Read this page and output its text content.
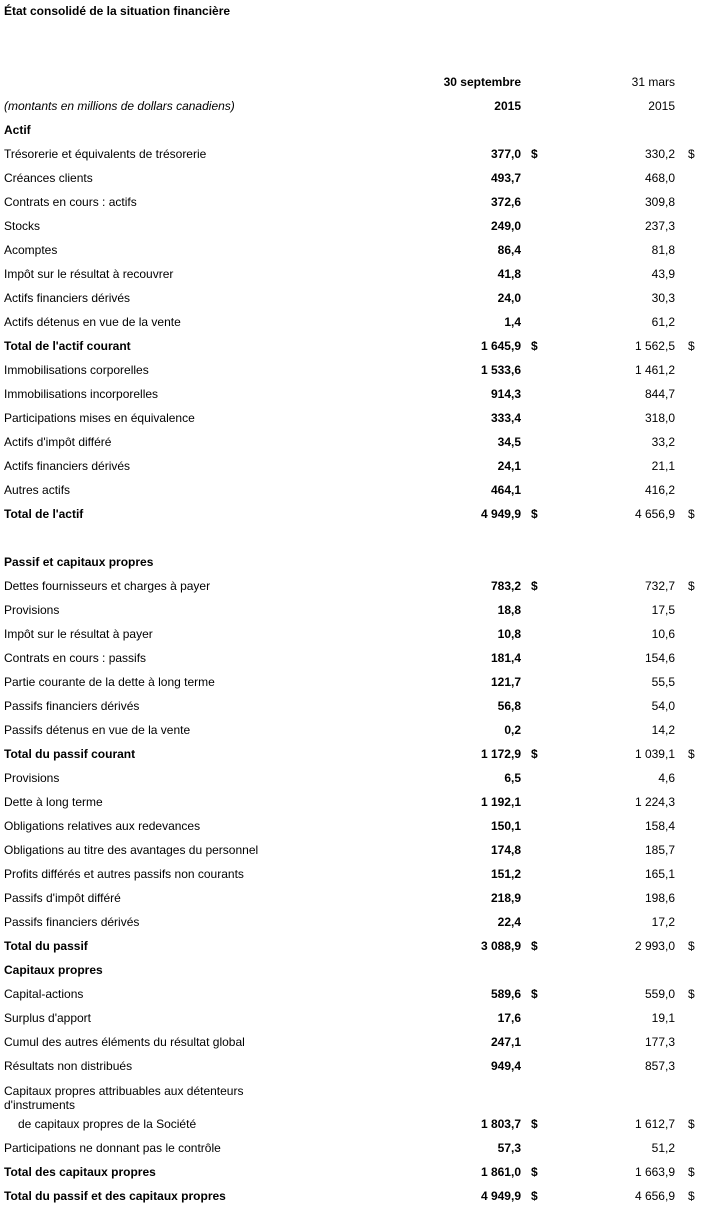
État consolidé de la situation financière
30 septembre	31 mars
(montants en millions de dollars canadiens)	2015	2015
Actif
Trésorerie et équivalents de trésorerie	377,0	330,2
$	$
Créances clients	493,7	468,0
Contrats en cours : actifs	372,6	309,8
Stocks	249,0	237,3
Acomptes	86,4	81,8
Impôt sur le résultat à recouvrer	41,8	43,9
Actifs financiers dérivés	24,0	30,3
Actifs détenus en vue de la vente	1,4	61,2
Total de l'actif courant	1 645,9	1 562,5
$	$
Immobilisations corporelles	1 533,6	1 461,2
Immobilisations incorporelles	914,3	844,7
Participations mises en équivalence	333,4	318,0
Actifs d'impôt différé	34,5	33,2
Actifs financiers dérivés	24,1	21,1
Autres actifs	464,1	416,2
Total de l'actif	4 949,9	4 656,9
$	$
Passif et capitaux propres
Dettes fournisseurs et charges à payer	783,2	732,7
$	$
Provisions	18,8	17,5
Impôt sur le résultat à payer	10,8	10,6
Contrats en cours : passifs	181,4	154,6
Partie courante de la dette à long terme	121,7	55,5
Passifs financiers dérivés	56,8	54,0
Passifs détenus en vue de la vente	0,2	14,2
Total du passif courant	1 172,9	1 039,1
$	$
Provisions	6,5	4,6
Dette à long terme	1 192,1	1 224,3
Obligations relatives aux redevances	150,1	158,4
Obligations au titre des avantages du personnel	174,8	185,7
Profits différés et autres passifs non courants	151,2	165,1
Passifs d'impôt différé	218,9	198,6
Passifs financiers dérivés	22,4	17,2
Total du passif	3 088,9	2 993,0
$	$
Capitaux propres
Capital-actions	589,6	559,0
$	$
Surplus d'apport	17,6	19,1
Cumul des autres éléments du résultat global	247,1	177,3
Résultats non distribués	949,4	857,3
Capitaux propres attribuables aux détenteurs d'instruments
de capitaux propres de la Société	1 803,7	1 612,7
$	$
Participations ne donnant pas le contrôle	57,3	51,2
Total des capitaux propres	1 861,0	1 663,9
$	$
Total du passif et des capitaux propres	4 949,9	4 656,9
$	$
